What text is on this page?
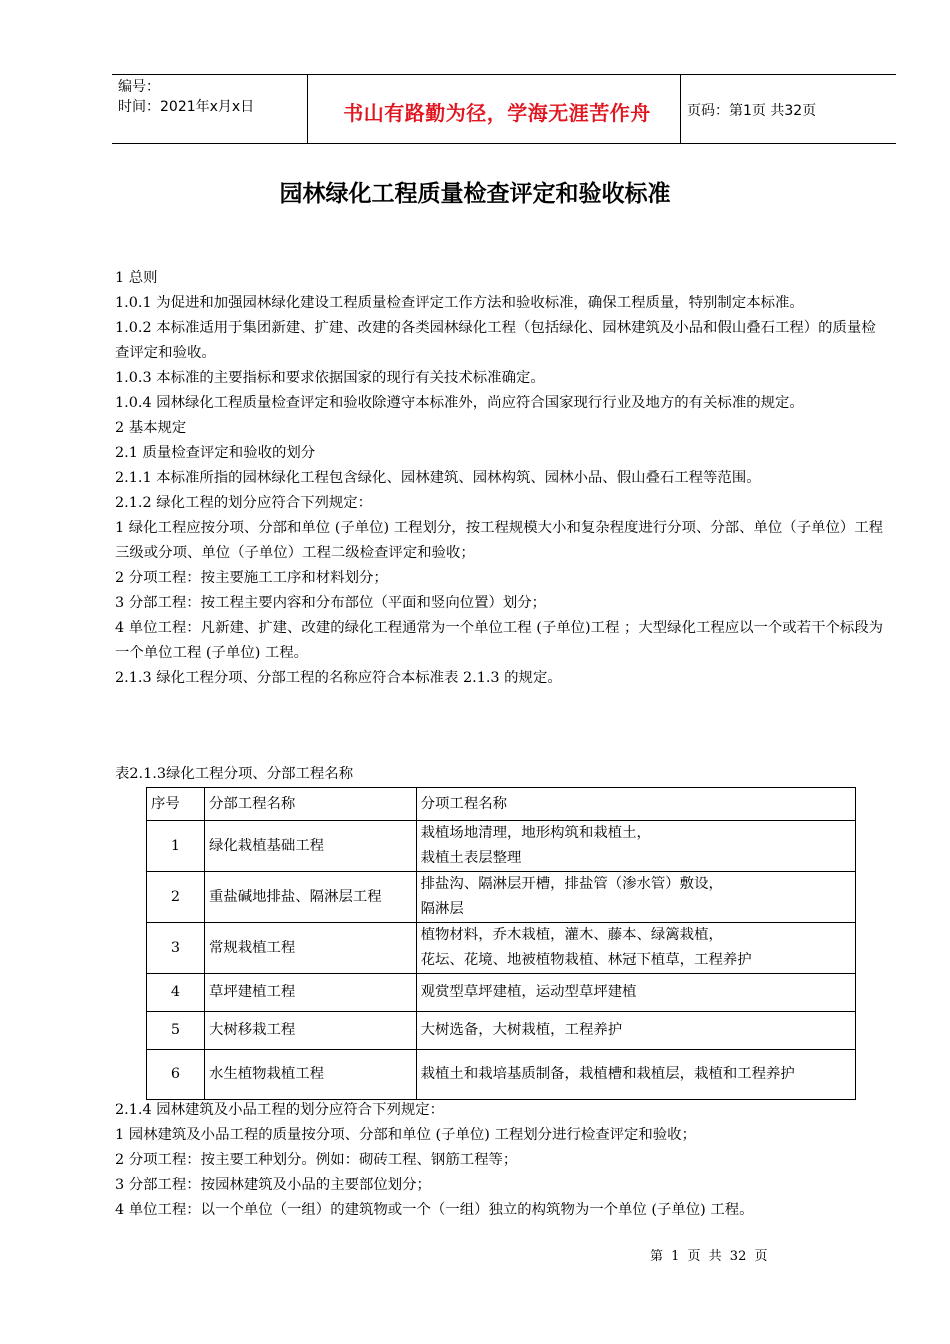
编号：
时间：2021年x月x日	书山有路勤为径，学海无涯苦作舟	页码：第1页 共32页
园林绿化工程质量检查评定和验收标准

1 总则

1.0.1 为促进和加强园林绿化建设工程质量检查评定工作方法和验收标准，确保工程质量，特别制定本标准。

1.0.2 本标准适用于集团新建、扩建、改建的各类园林绿化工程（包括绿化、园林建筑及小品和假山叠石工程）的质量检查评定和验收。

1.0.3 本标准的主要指标和要求依据国家的现行有关技术标准确定。

1.0.4 园林绿化工程质量检查评定和验收除遵守本标准外，尚应符合国家现行行业及地方的有关标准的规定。

2 基本规定

2.1 质量检查评定和验收的划分

2.1.1 本标准所指的园林绿化工程包含绿化、园林建筑、园林构筑、园林小品、假山叠石工程等范围。

2.1.2 绿化工程的划分应符合下列规定：

1 绿化工程应按分项、分部和单位 (子单位) 工程划分，按工程规模大小和复杂程度进行分项、分部、单位（子单位）工程三级或分项、单位（子单位）工程二级检查评定和验收；

2 分项工程：按主要施工工序和材料划分；

3 分部工程：按工程主要内容和分布部位（平面和竖向位置）划分；

4 单位工程：凡新建、扩建、改建的绿化工程通常为一个单位工程 (子单位)工程 ；大型绿化工程应以一个或若干个标段为一个单位工程 (子单位) 工程。

2.1.3 绿化工程分项、分部工程的名称应符合本标准表 2.1.3 的规定。

表2.1.3绿化工程分项、分部工程名称
序号	分部工程名称	分项工程名称
1	绿化栽植基础工程	栽植场地清理，地形构筑和栽植土，
栽植土表层整理

2	重盐碱地排盐、隔淋层工程	排盐沟、隔淋层开槽，排盐管（渗水管）敷设，
隔淋层

3	常规栽植工程	植物材料，乔木栽植，灌木、藤本、绿篱栽植，
花坛、花境、地被植物栽植、林冠下植草，工程养护

4	草坪建植工程	观赏型草坪建植，运动型草坪建植
5	大树移栽工程	大树选备，大树栽植，工程养护
6	水生植物栽植工程	栽植土和栽培基质制备，栽植槽和栽植层，栽植和工程养护

2.1.4 园林建筑及小品工程的划分应符合下列规定：

1 园林建筑及小品工程的质量按分项、分部和单位 (子单位) 工程划分进行检查评定和验收；

2 分项工程：按主要工种划分。例如：砌砖工程、钢筋工程等；

3 分部工程：按园林建筑及小品的主要部位划分；

4 单位工程：以一个单位（一组）的建筑物或一个（一组）独立的构筑物为一个单位 (子单位) 工程。

第 1 页 共 32 页
